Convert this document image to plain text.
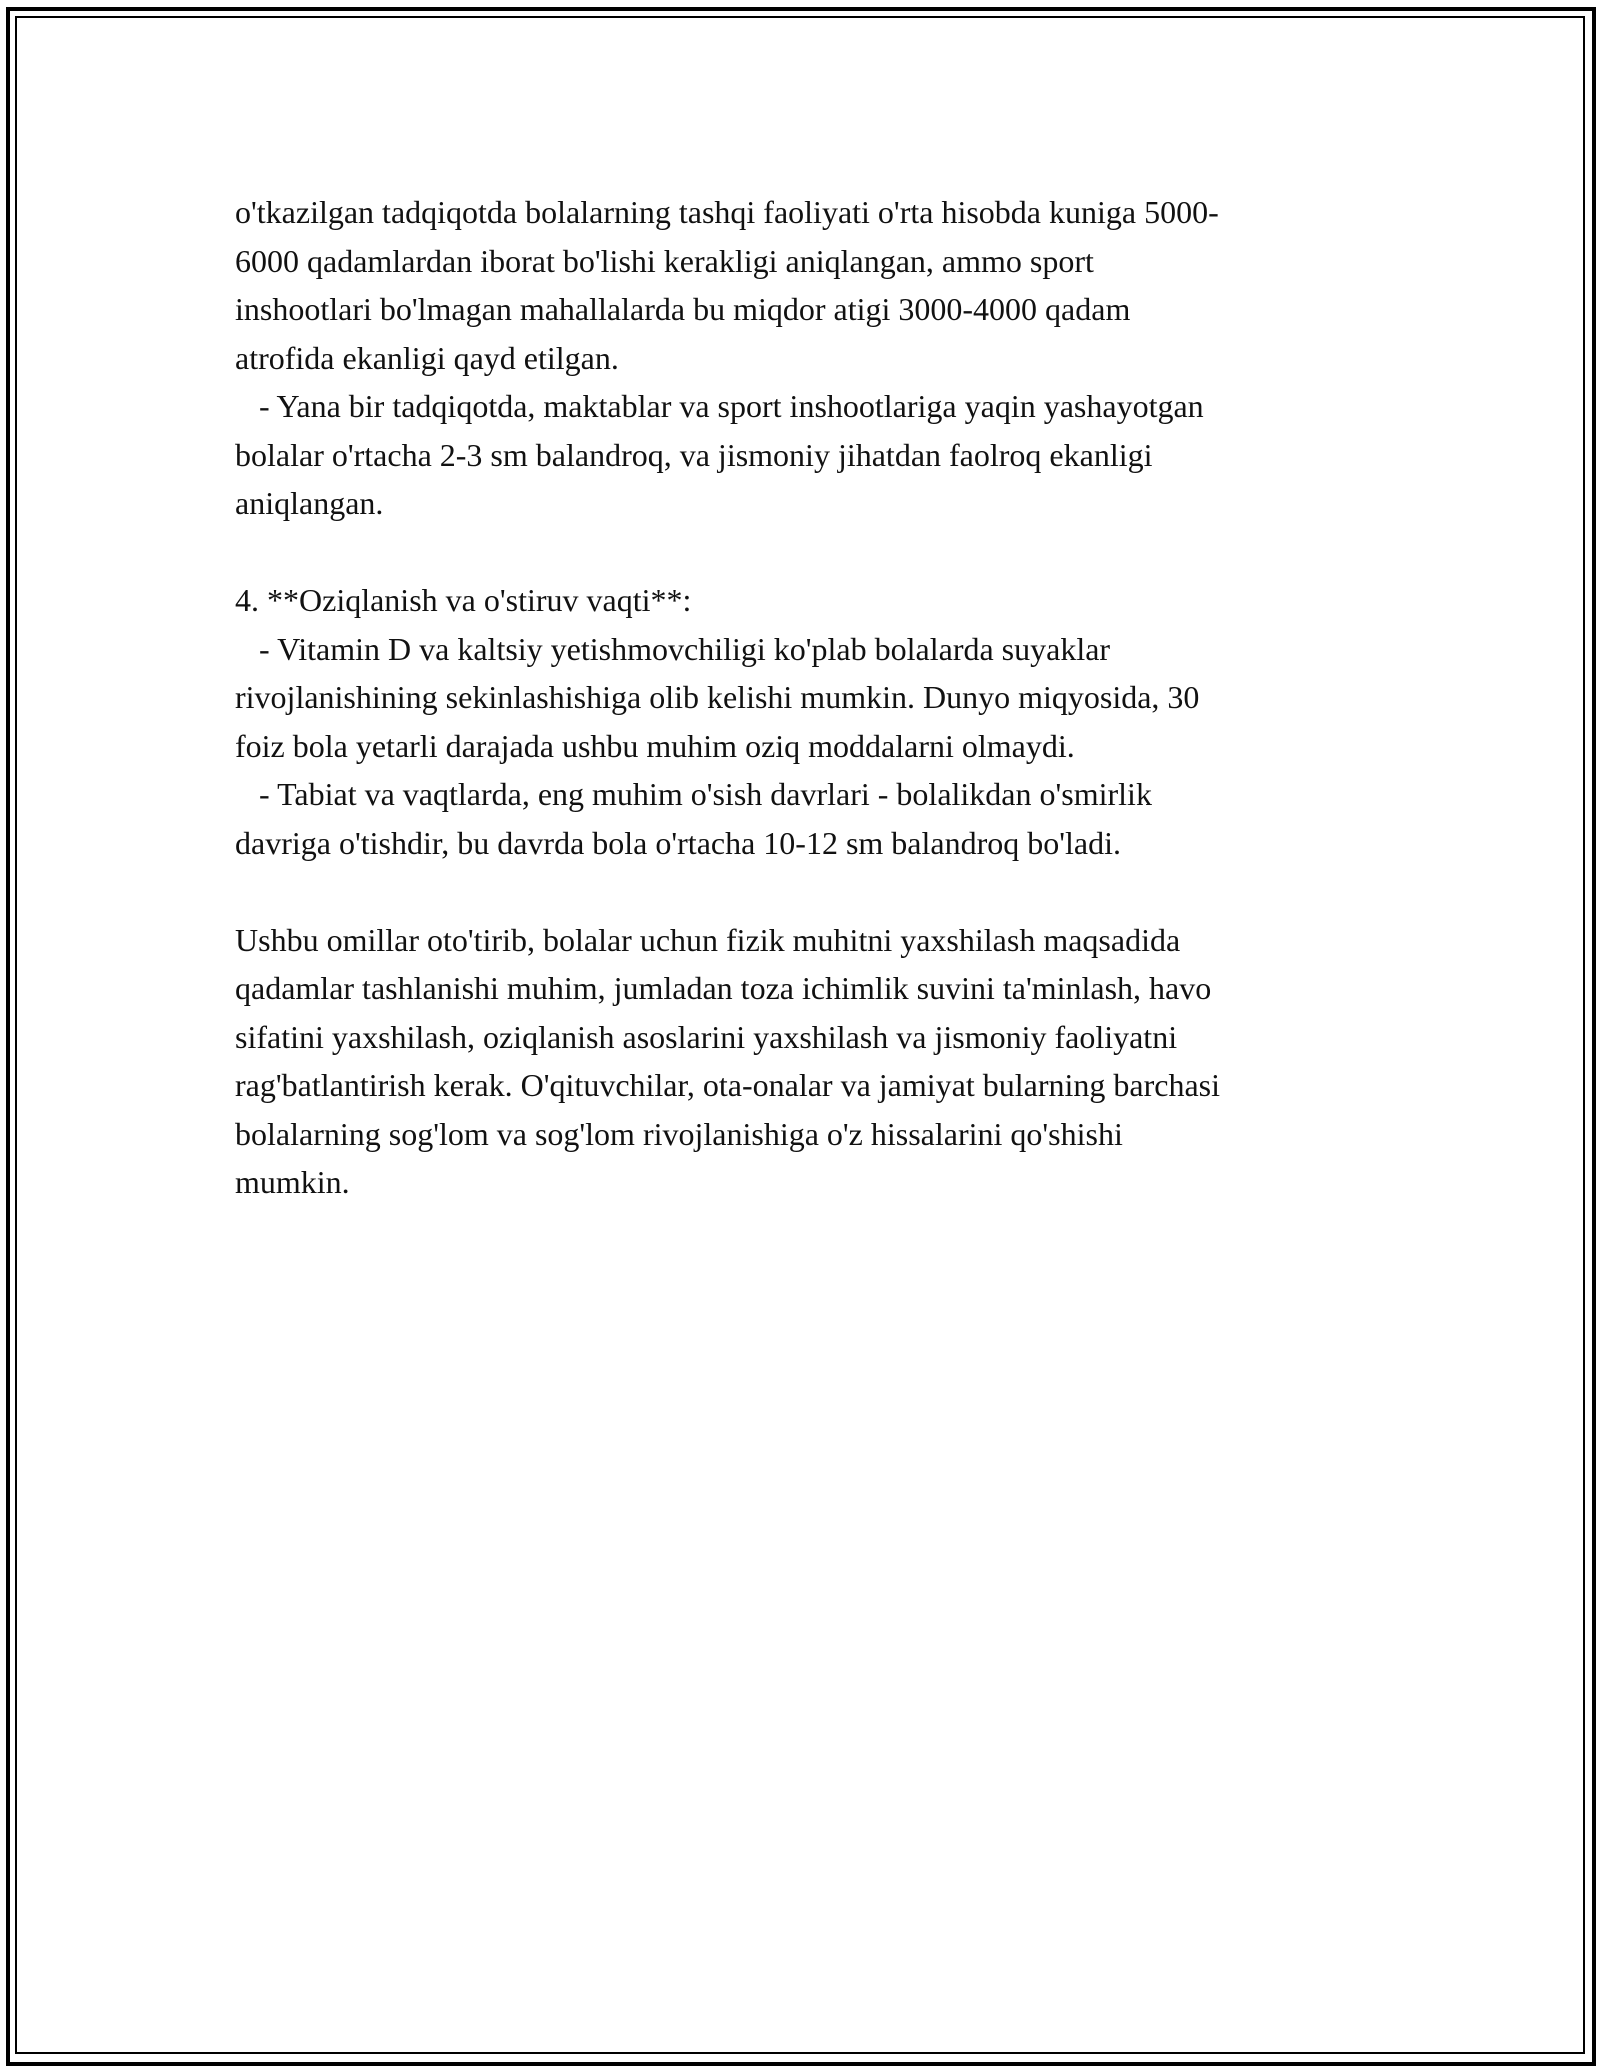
o'tkazilgan tadqiqotda bolalarning tashqi faoliyati o'rta hisobda kuniga 5000-
6000 qadamlardan iborat bo'lishi kerakligi aniqlangan, ammo sport
inshootlari bo'lmagan mahallalarda bu miqdor atigi 3000-4000 qadam
atrofida ekanligi qayd etilgan.
- Yana bir tadqiqotda, maktablar va sport inshootlariga yaqin yashayotgan
bolalar o'rtacha 2-3 sm balandroq, va jismoniy jihatdan faolroq ekanligi
aniqlangan.
4. **Oziqlanish va o'stiruv vaqti**:
- Vitamin D va kaltsiy yetishmovchiligi ko'plab bolalarda suyaklar
rivojlanishining sekinlashishiga olib kelishi mumkin. Dunyo miqyosida, 30
foiz bola yetarli darajada ushbu muhim oziq moddalarni olmaydi.
- Tabiat va vaqtlarda, eng muhim o'sish davrlari - bolalikdan o'smirlik
davriga o'tishdir, bu davrda bola o'rtacha 10-12 sm balandroq bo'ladi.
Ushbu omillar oto'tirib, bolalar uchun fizik muhitni yaxshilash maqsadida
qadamlar tashlanishi muhim, jumladan toza ichimlik suvini ta'minlash, havo
sifatini yaxshilash, oziqlanish asoslarini yaxshilash va jismoniy faoliyatni
rag'batlantirish kerak. O'qituvchilar, ota-onalar va jamiyat bularning barchasi
bolalarning sog'lom va sog'lom rivojlanishiga o'z hissalarini qo'shishi
mumkin.
